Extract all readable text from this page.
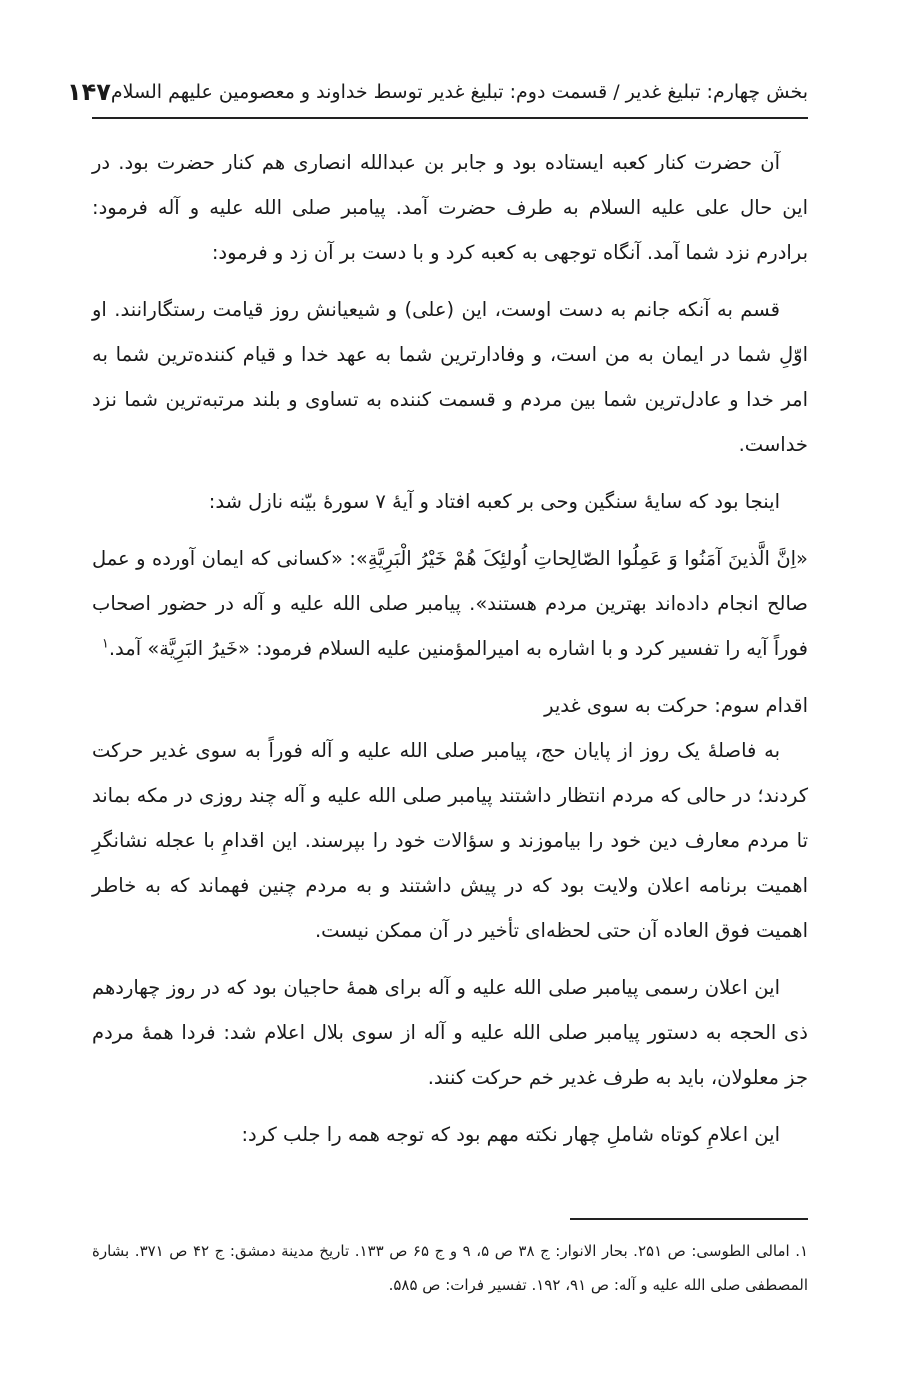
بخش چهارم: تبلیغ غدیر / قسمت دوم: تبلیغ غدیر توسط خداوند و معصومین علیهم السلام
۱۴۷

آن حضرت کنار کعبه ایستاده بود و جابر بن عبدالله انصاری هم کنار حضرت بود. در این حال علی علیه السلام به طرف حضرت آمد. پیامبر صلی الله علیه و آله فرمود: برادرم نزد شما آمد. آنگاه توجهی به کعبه کرد و با دست بر آن زد و فرمود:

قسم به آنکه جانم به دست اوست، این (علی) و شیعیانش روز قیامت رستگارانند. او اوّلِ شما در ایمان به من است، و وفادارترین شما به عهد خدا و قیام کننده‌ترین شما به امر خدا و عادل‌ترین شما بین مردم و قسمت کننده به تساوی و بلند مرتبه‌ترین شما نزد خداست.

اینجا بود که سایهٔ سنگین وحی بر کعبه افتاد و آیهٔ ۷ سورهٔ بیّنه نازل شد:

«اِنَّ الَّذینَ آمَنُوا وَ عَمِلُوا الصّالِحاتِ اُولئِکَ هُمْ خَیْرُ الْبَرِیَّةِ»: «کسانی که ایمان آورده و عمل صالح انجام داده‌اند بهترین مردم هستند». پیامبر صلی الله علیه و آله در حضور اصحاب فوراً آیه را تفسیر کرد و با اشاره به امیرالمؤمنین علیه السلام فرمود: «خَیرُ البَرِیَّة» آمد.$^۱$

اقدام سوم: حرکت به سوی غدیر

به فاصلهٔ یک روز از پایان حج، پیامبر صلی الله علیه و آله فوراً به سوی غدیر حرکت کردند؛ در حالی که مردم انتظار داشتند پیامبر صلی الله علیه و آله چند روزی در مکه بماند تا مردم معارف دین خود را بیاموزند و سؤالات خود را بپرسند. این اقدامِ با عجله نشانگرِ اهمیت برنامه اعلان ولایت بود که در پیش داشتند و به مردم چنین فهماند که به خاطر اهمیت فوق العاده آن حتی لحظه‌ای تأخیر در آن ممکن نیست.

این اعلان رسمی پیامبر صلی الله علیه و آله برای همهٔ حاجیان بود که در روز چهاردهم ذی الحجه به دستور پیامبر صلی الله علیه و آله از سوی بلال اعلام شد: فردا همهٔ مردم جز معلولان، باید به طرف غدیر خم حرکت کنند.

این اعلامِ کوتاه شاملِ چهار نکته مهم بود که توجه همه را جلب کرد:

۱. امالی الطوسی: ص ۲۵۱. بحار الانوار: ج ۳۸ ص ۵، ۹ و ج ۶۵ ص ۱۳۳. تاریخ مدینة دمشق: ج ۴۲ ص ۳۷۱. بشارة المصطفی صلی الله علیه و آله: ص ۹۱، ۱۹۲. تفسیر فرات: ص ۵۸۵.
